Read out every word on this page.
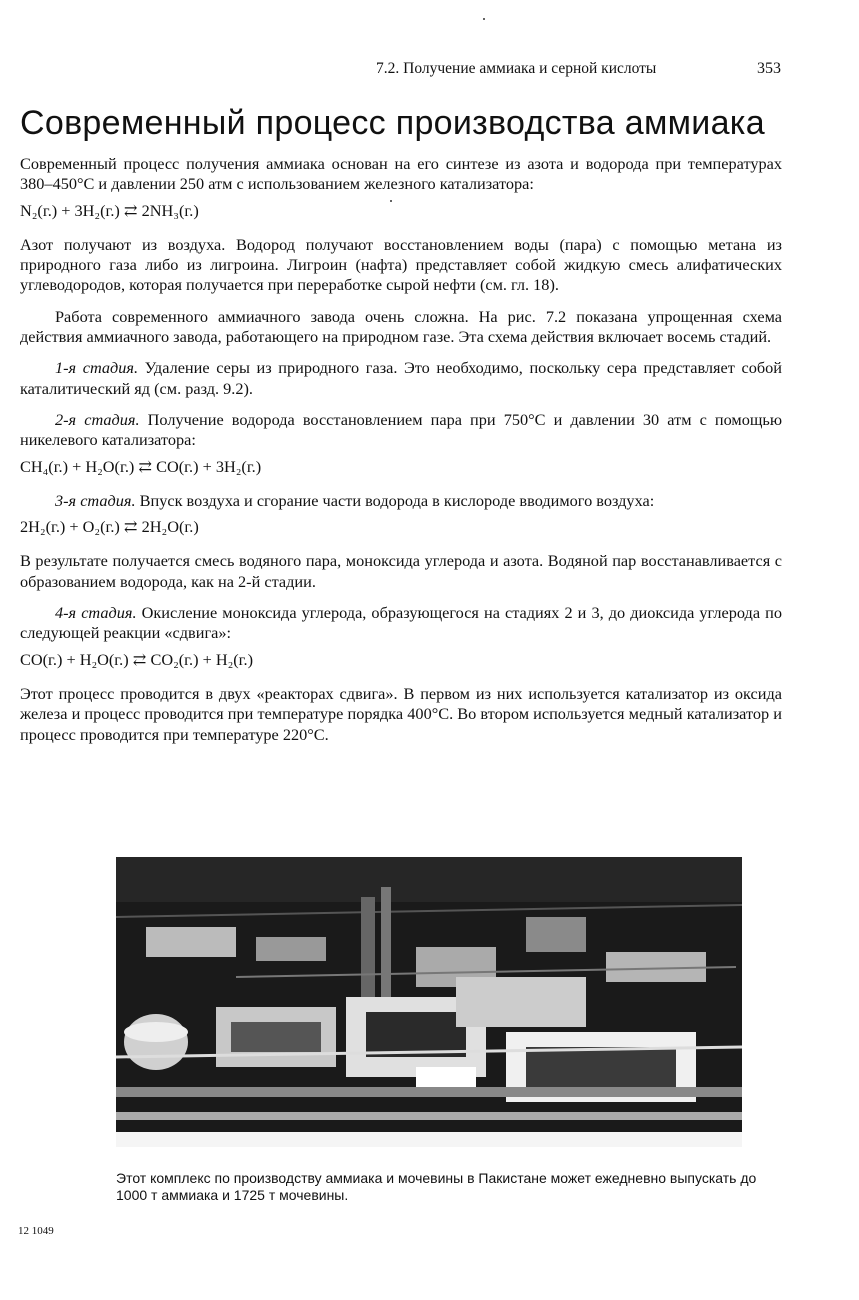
7.2. Получение аммиака и серной кислоты	353
Современный процесс производства аммиака

Современный процесс получения аммиака основан на его синтезе из азота и водорода при температурах 380–450°С и давлении 250 атм с использованием железного катализатора:

N₂(г.) + 3H₂(г.) ⇄ 2NH₃(г.)

Азот получают из воздуха. Водород получают восстановлением воды (пара) с помощью метана из природного газа либо из лигроина. Лигроин (нафта) представляет собой жидкую смесь алифатических углеводородов, которая получается при переработке сырой нефти (см. гл. 18).

Работа современного аммиачного завода очень сложна. На рис. 7.2 показана упрощенная схема действия аммиачного завода, работающего на природном газе. Эта схема действия включает восемь стадий.

1-я стадия. Удаление серы из природного газа. Это необходимо, поскольку сера представляет собой каталитический яд (см. разд. 9.2).

2-я стадия. Получение водорода восстановлением пара при 750°С и давлении 30 атм с помощью никелевого катализатора:

CH₄(г.) + H₂O(г.) ⇄ CO(г.) + 3H₂(г.)

3-я стадия. Впуск воздуха и сгорание части водорода в кислороде вводимого воздуха:

2H₂(г.) + O₂(г.) ⇄ 2H₂O(г.)

В результате получается смесь водяного пара, моноксида углерода и азота. Водяной пар восстанавливается с образованием водорода, как на 2-й стадии.

4-я стадия. Окисление моноксида углерода, образующегося на стадиях 2 и 3, до диоксида углерода по следующей реакции «сдвига»:

CO(г.) + H₂O(г.) ⇄ CO₂(г.) + H₂(г.)

Этот процесс проводится в двух «реакторах сдвига». В первом из них используется катализатор из оксида железа и процесс проводится при температуре порядка 400°С. Во втором используется медный катализатор и процесс проводится при температуре 220°С.

Этот комплекс по производству аммиака и мочевины в Пакистане может ежедневно выпускать до 1000 т аммиака и 1725 т мочевины.
12 1049
